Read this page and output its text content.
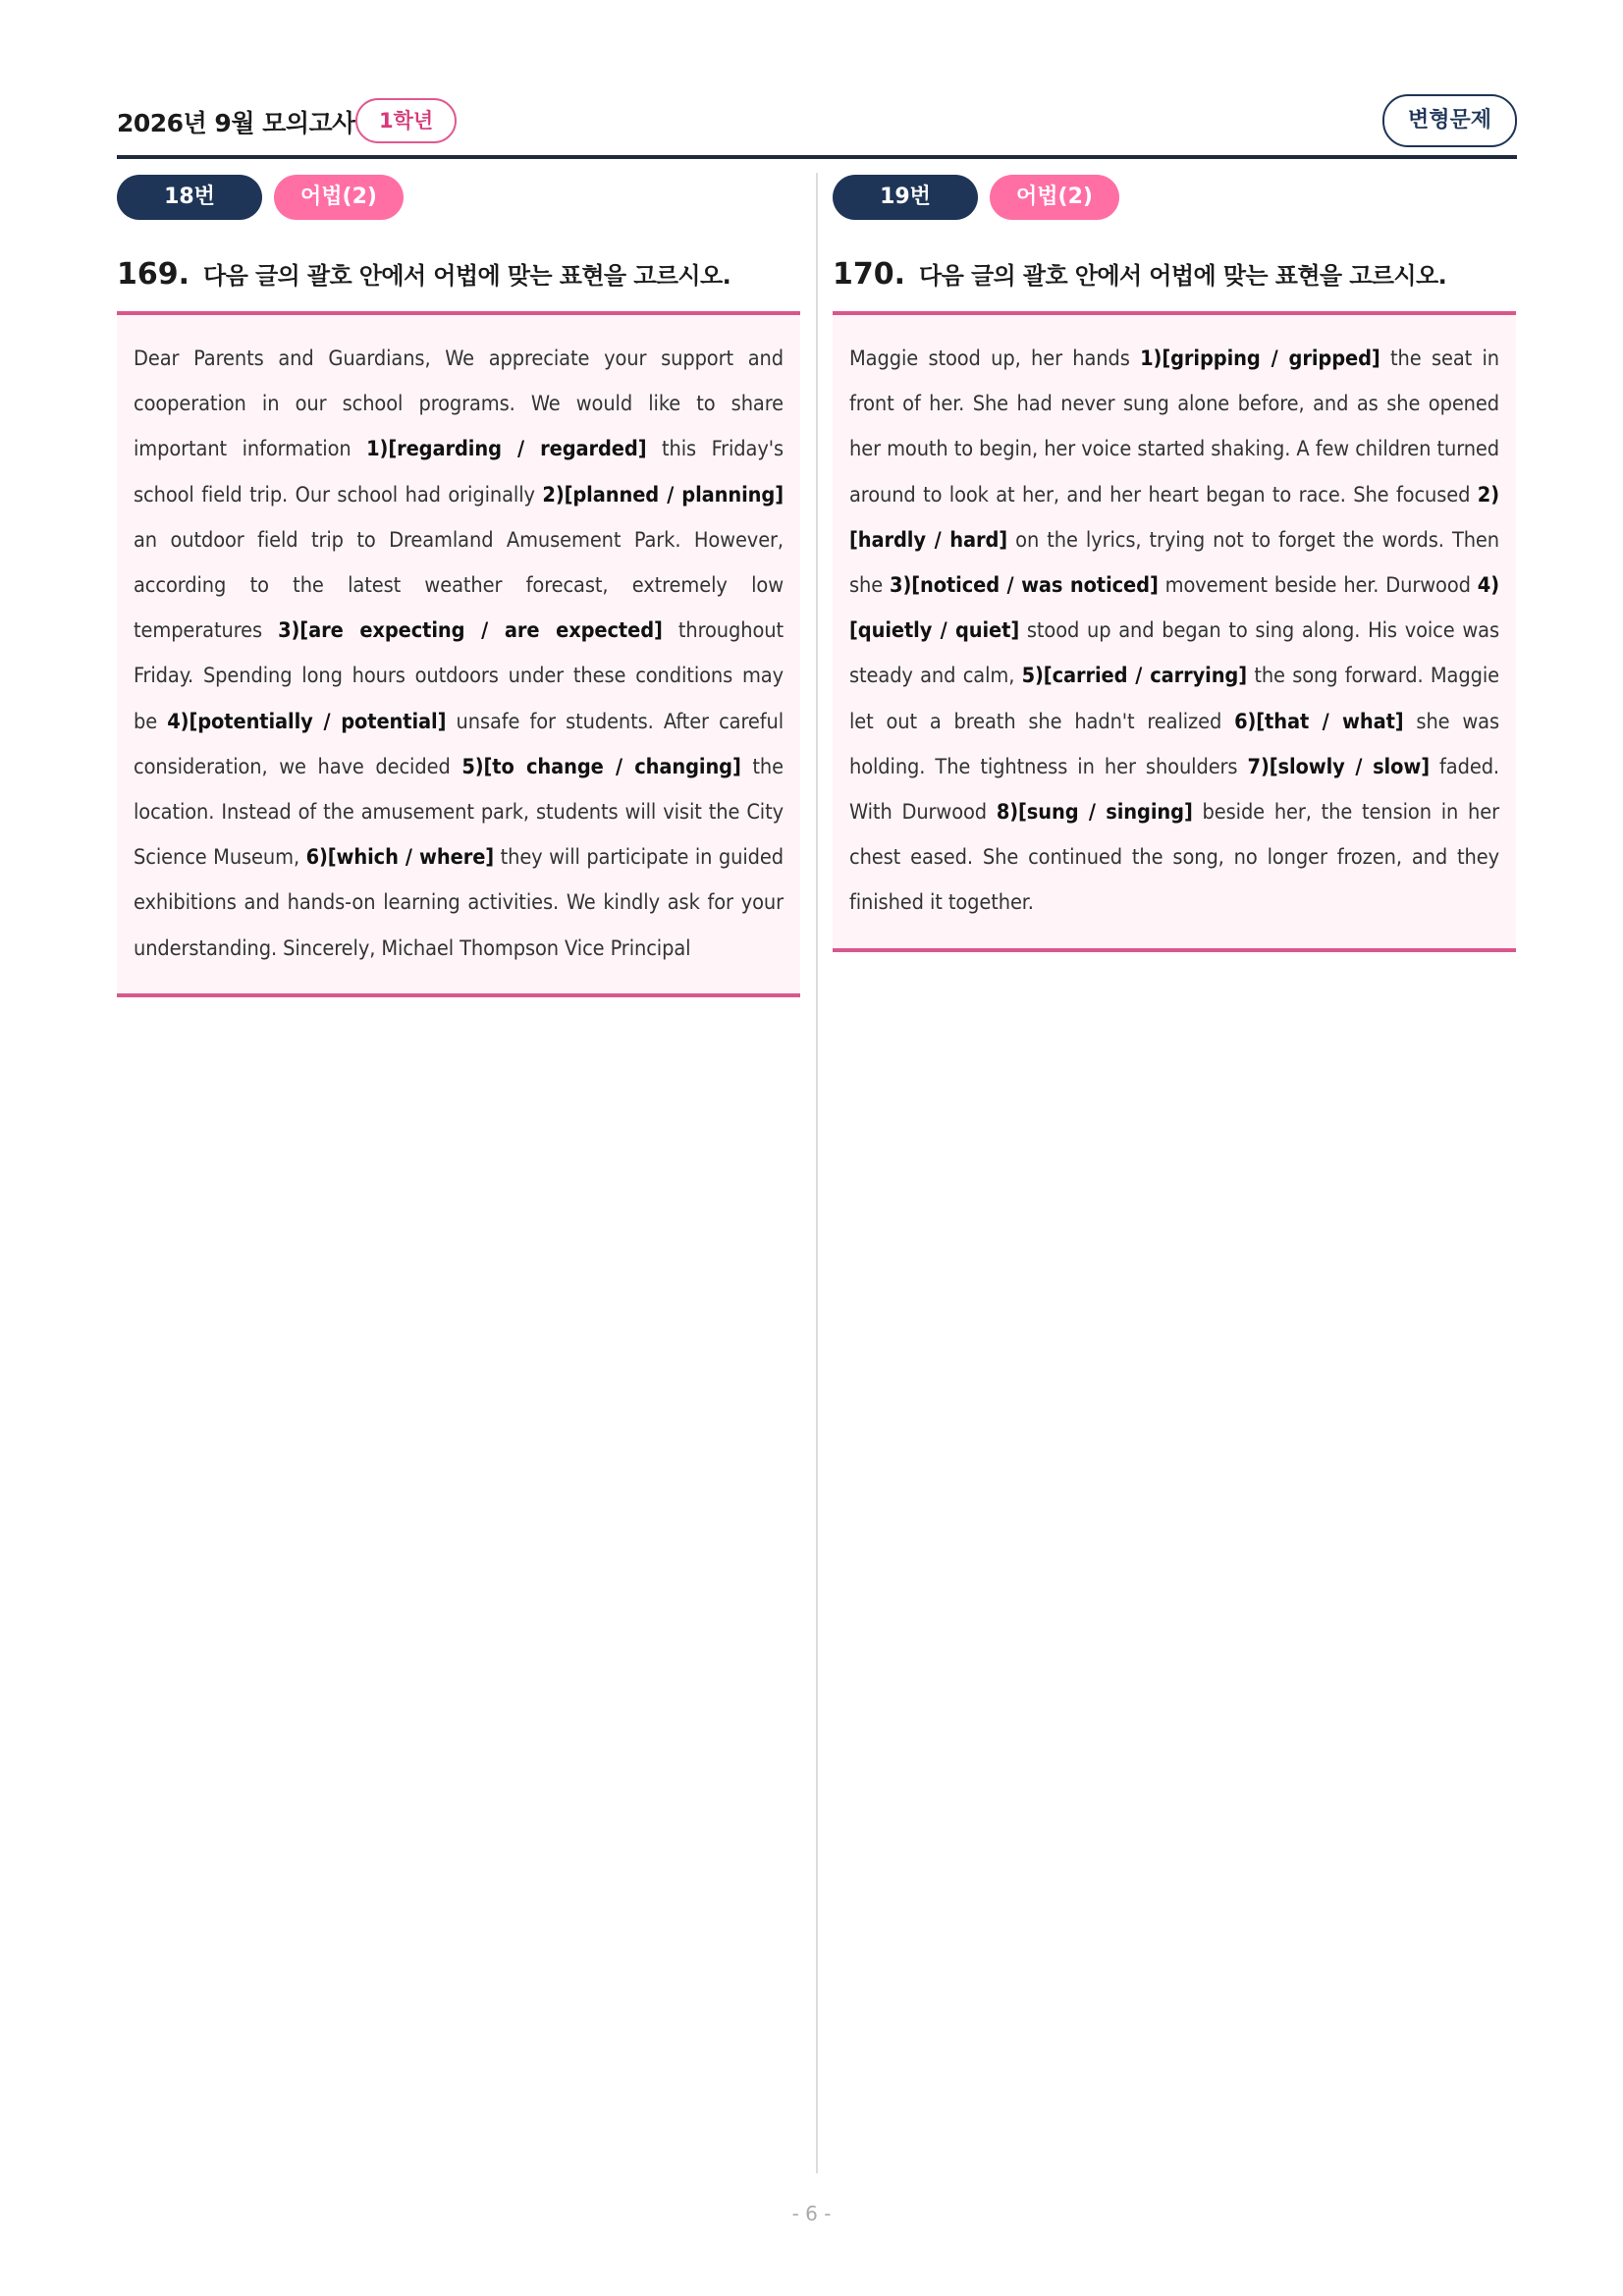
2026년 9월 모의고사	1학년	변형문제
18번	어법(2)
169. 다음 글의 괄호 안에서 어법에 맞는 표현을 고르시오.

Dear Parents and Guardians, We appreciate your support and cooperation in our school programs. We would like to share important information 1)[regarding / regarded] this Friday's school field trip. Our school had originally 2)[planned / planning] an outdoor field trip to Dreamland Amusement Park. However, according to the latest weather forecast, extremely low temperatures 3)[are expecting / are expected] throughout Friday. Spending long hours outdoors under these conditions may be 4)[potentially / potential] unsafe for students. After careful consideration, we have decided 5)[to change / changing] the location. Instead of the amusement park, students will visit the City Science Museum, 6)[which / where] they will participate in guided exhibitions and hands-on learning activities. We kindly ask for your understanding. Sincerely, Michael Thompson Vice Principal

19번	어법(2)
170. 다음 글의 괄호 안에서 어법에 맞는 표현을 고르시오.

Maggie stood up, her hands 1)[gripping / gripped] the seat in front of her. She had never sung alone before, and as she opened her mouth to begin, her voice started shaking. A few children turned around to look at her, and her heart began to race. She focused 2)[hardly / hard] on the lyrics, trying not to forget the words. Then she 3)[noticed / was noticed] movement beside her. Durwood 4)[quietly / quiet] stood up and began to sing along. His voice was steady and calm, 5)[carried / carrying] the song forward. Maggie let out a breath she hadn't realized 6)[that / what] she was holding. The tightness in her shoulders 7)[slowly / slow] faded. With Durwood 8)[sung / singing] beside her, the tension in her chest eased. She continued the song, no longer frozen, and they finished it together.

- 6 -
